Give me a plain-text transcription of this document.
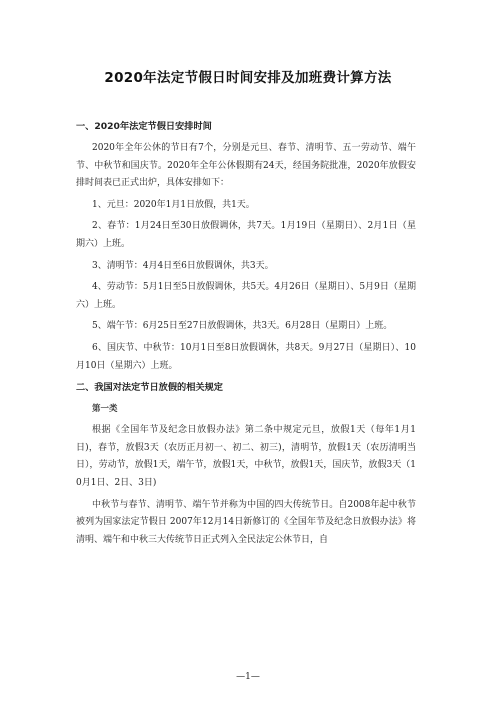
2020年法定节假日时间安排及加班费计算方法

一、2020年法定节假日安排时间

2020年全年公休的节日有7个，分别是元旦、春节、清明节、五一劳动节、端午节、中秋节和国庆节。2020年全年公休假期有24天，经国务院批准，2020年放假安排时间表已正式出炉，具体安排如下：

1、元旦：2020年1月1日放假，共1天。

2、春节：1月24日至30日放假调休，共7天。1月19日（星期日）、2月1日（星期六）上班。

3、清明节：4月4日至6日放假调休，共3天。

4、劳动节：5月1日至5日放假调休，共5天。4月26日（星期日）、5月9日（星期六）上班。

5、端午节：6月25日至27日放假调休，共3天。6月28日（星期日）上班。

6、国庆节、中秋节：10月1日至8日放假调休，共8天。9月27日（星期日）、10月10日（星期六）上班。

二、我国对法定节日放假的相关规定

第一类

根据《全国年节及纪念日放假办法》第二条中规定元旦，放假1天（每年1月1日)，春节，放假3天（农历正月初一、初二、初三)，清明节，放假1天（农历清明当日），劳动节，放假1天，端午节，放假1天，中秋节，放假1天，国庆节，放假3天（10月1日、2日、3日)

中秋节与春节、清明节、端午节并称为中国的四大传统节日。自2008年起中秋节被列为国家法定节假日 2007年12月14日新修订的《全国年节及纪念日放假办法》将清明、端午和中秋三大传统节日正式列入全民法定公休节日，自

—1—
